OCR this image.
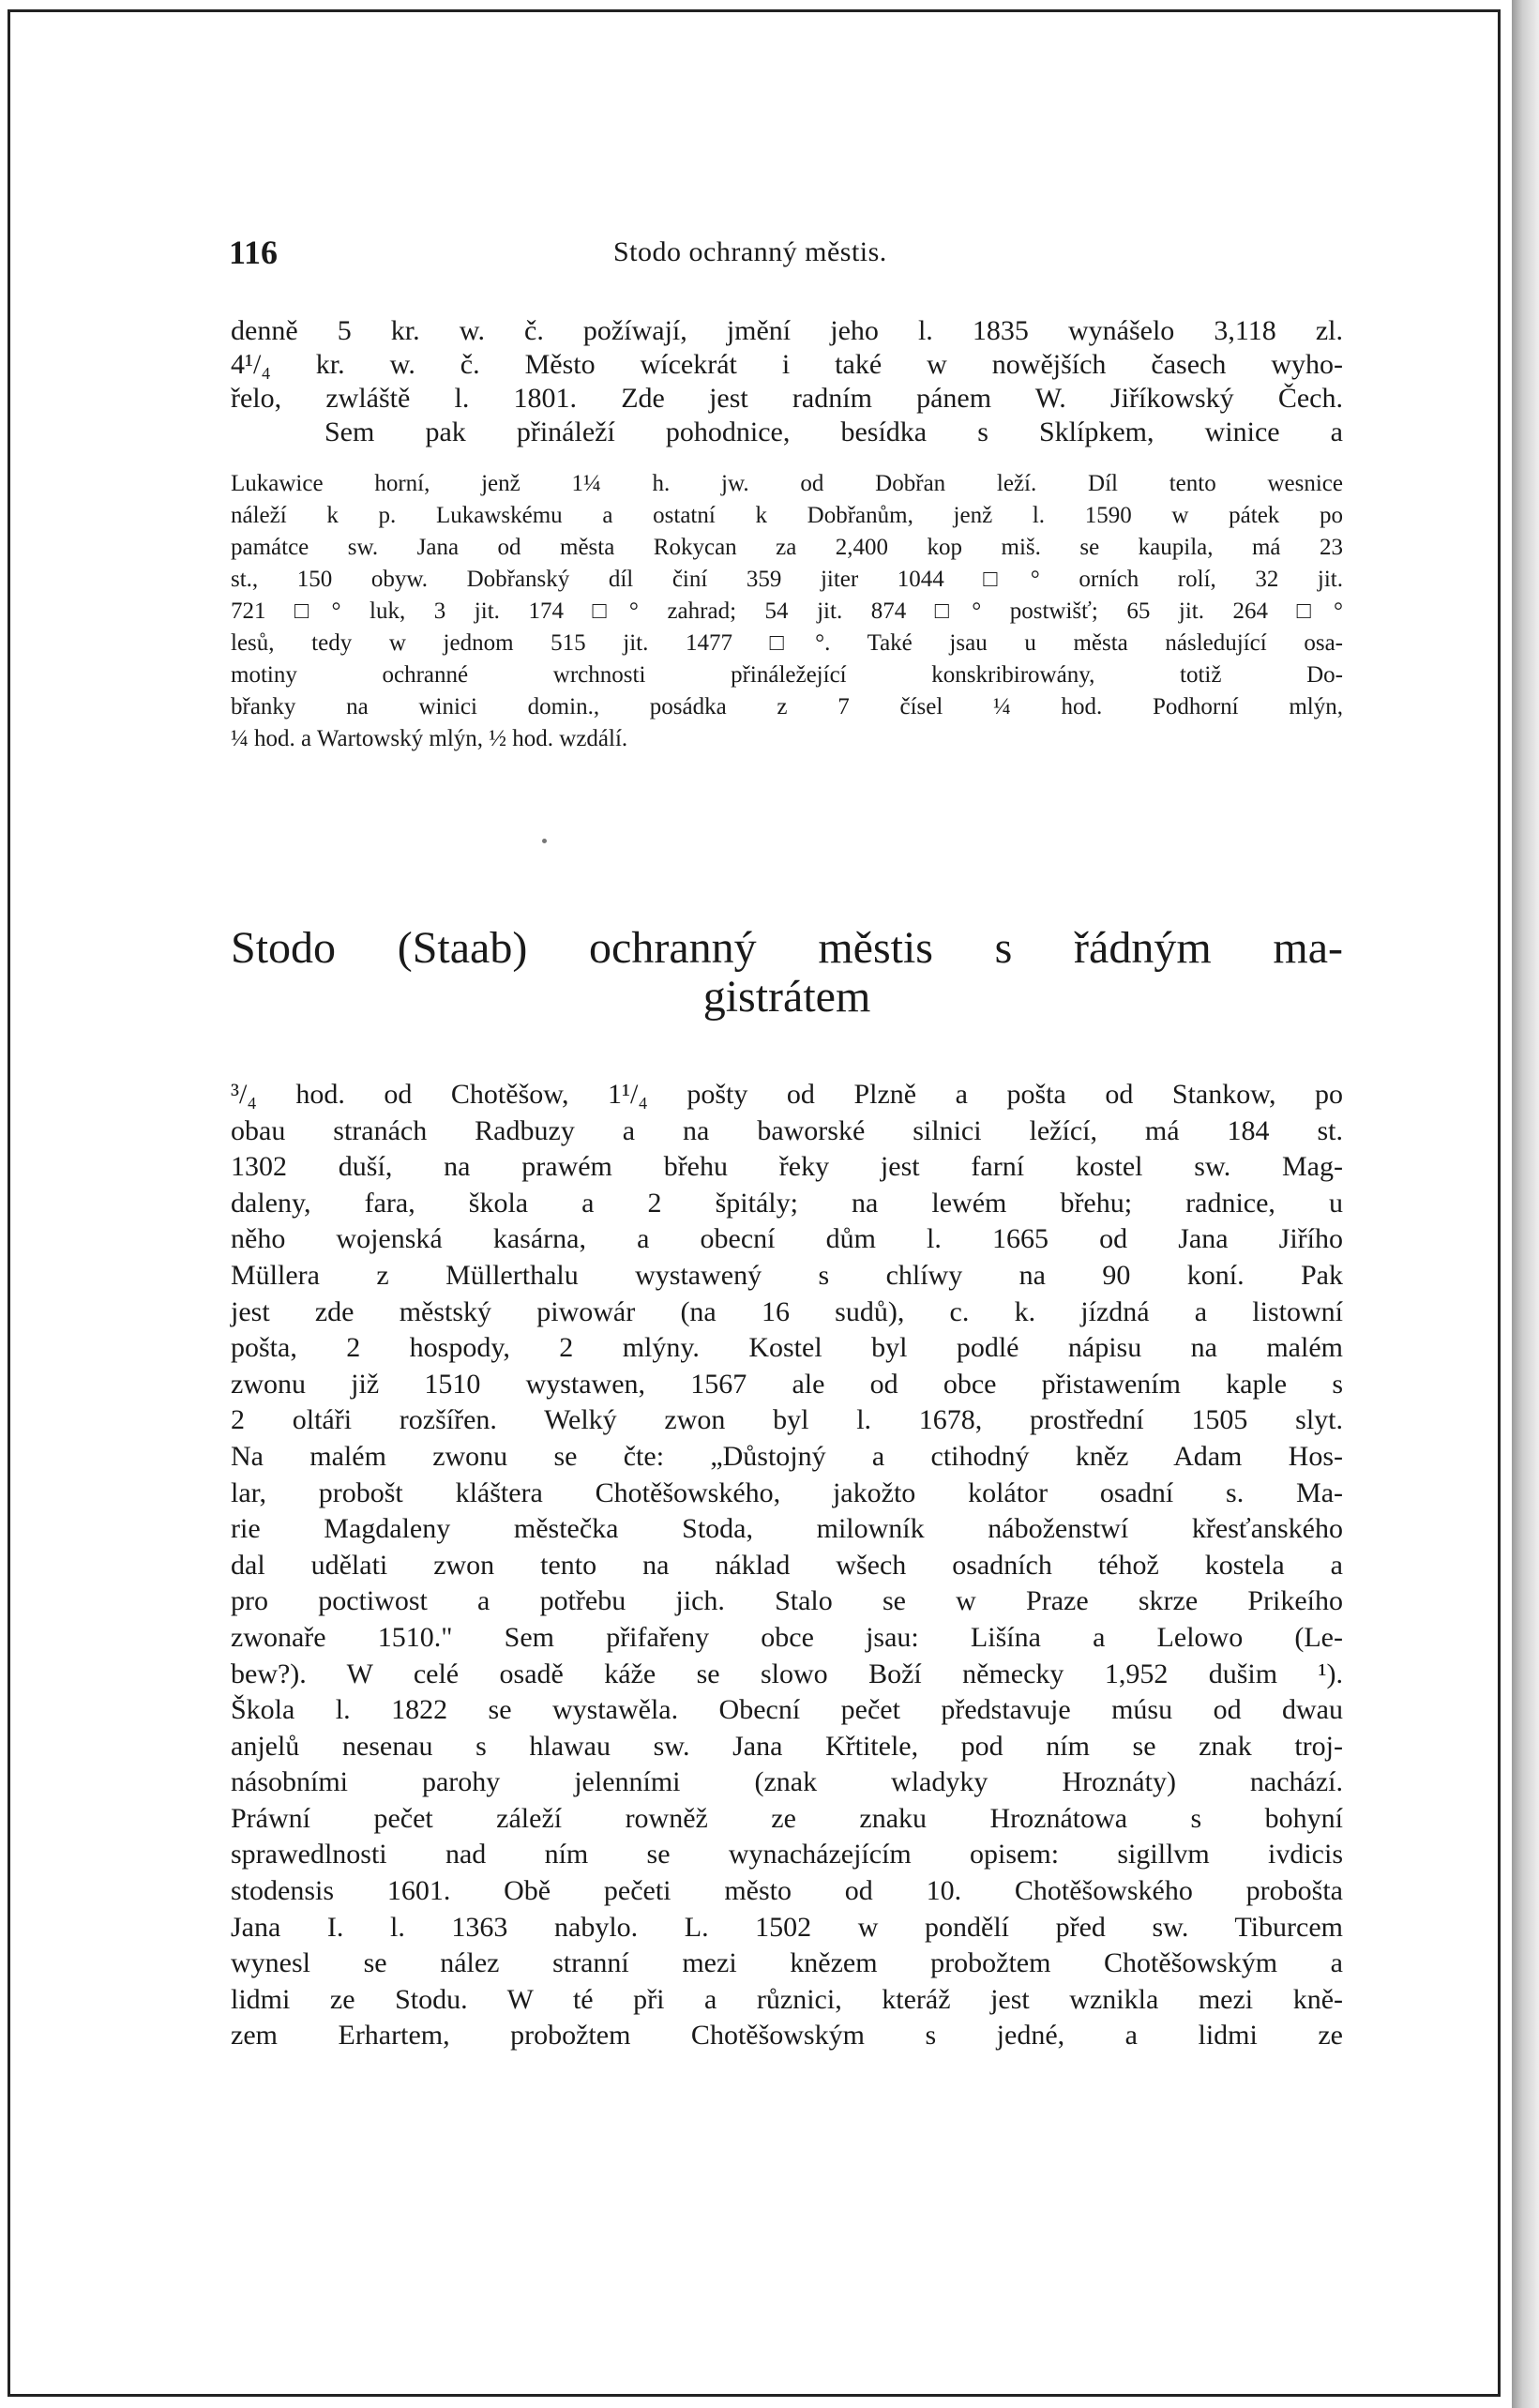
116	Stodo ochranný městis.
denně 5 kr. w. č. požíwají, jmění jeho l. 1835 wynášelo 3,118 zl.
4¹/₄ kr. w. č. Město wícekrát i také w nowějších časech wyho-
řelo, zwláště l. 1801. Zde jest radním pánem W. Jiříkowský Čech.
Sem pak přináleží pohodnice, besídka s Sklípkem, winice a
Lukawice horní, jenž 1¼ h. jw. od Dobřan leží. Díl tento wesnice
náleží k p. Lukawskému a ostatní k Dobřanům, jenž l. 1590 w pátek po
památce sw. Jana od města Rokycan za 2,400 kop miš. se kaupila, má 23
st., 150 obyw. Dobřanský díl činí 359 jiter 1044 □° orních rolí, 32 jit.
721 □° luk, 3 jit. 174 □° zahrad; 54 jit. 874 □° postwišť; 65 jit. 264 □°
lesů, tedy w jednom 515 jit. 1477 □°. Také jsau u města následující osa-
motiny ochranné wrchnosti přináležející konskribirowány, totiž Do-
břanky na winici domin., posádka z 7 čísel ¼ hod. Podhorní mlýn,
¼ hod. a Wartowský mlýn, ½ hod. wzdálí.
Stodo (Staab) ochranný městis s řádným ma-
gistrátem
³/₄ hod. od Chotěšow, 1¹/₄ pošty od Plzně a pošta od Stankow, po
obau stranách Radbuzy a na baworské silnici ležící, má 184 st.
1302 duší, na prawém břehu řeky jest farní kostel sw. Mag-
daleny, fara, škola a 2 špitály; na lewém břehu; radnice, u
něho wojenská kasárna, a obecní dům l. 1665 od Jana Jiřího
Müllera z Müllerthalu wystawený s chlíwy na 90 koní. Pak
jest zde městský piwowár (na 16 sudů), c. k. jízdná a listowní
pošta, 2 hospody, 2 mlýny. Kostel byl podlé nápisu na malém
zwonu již 1510 wystawen, 1567 ale od obce přistawením kaple s
2 oltáři rozšířen. Welký zwon byl l. 1678, prostřední 1505 slyt.
Na malém zwonu se čte: „Důstojný a ctihodný kněz Adam Hos-
lar, probošt kláštera Chotěšowského, jakožto kolátor osadní s. Ma-
rie Magdaleny městečka Stoda, milowník náboženstwí křesťanského
dal udělati zwon tento na náklad wšech osadních téhož kostela a
pro poctiwost a potřebu jich. Stalo se w Praze skrze Prikeího
zwonaře 1510." Sem přifařeny obce jsau: Lišína a Lelowo (Le-
bew?). W celé osadě káže se slowo Boží německy 1,952 dušim ¹).
Škola l. 1822 se wystawěla. Obecní pečet představuje músu od dwau
anjelů nesenau s hlawau sw. Jana Křtitele, pod ním se znak troj-
násobními parohy jelenními (znak wladyky Hroznáty) nachází.
Práwní pečet záleží rowněž ze znaku Hroznátowa s bohyní
sprawedlnosti nad ním se wynacházejícím opisem: sigillvm ivdicis
stodensis 1601. Obě pečeti město od 10. Chotěšowského probošta
Jana I. l. 1363 nabylo. L. 1502 w pondělí před sw. Tiburcem
wynesl se nález stranní mezi knězem probožtem Chotěšowským a
lidmi ze Stodu. W té při a různici, kteráž jest wznikla mezi kně-
zem Erhartem, probožtem Chotěšowským s jedné, a lidmi ze
